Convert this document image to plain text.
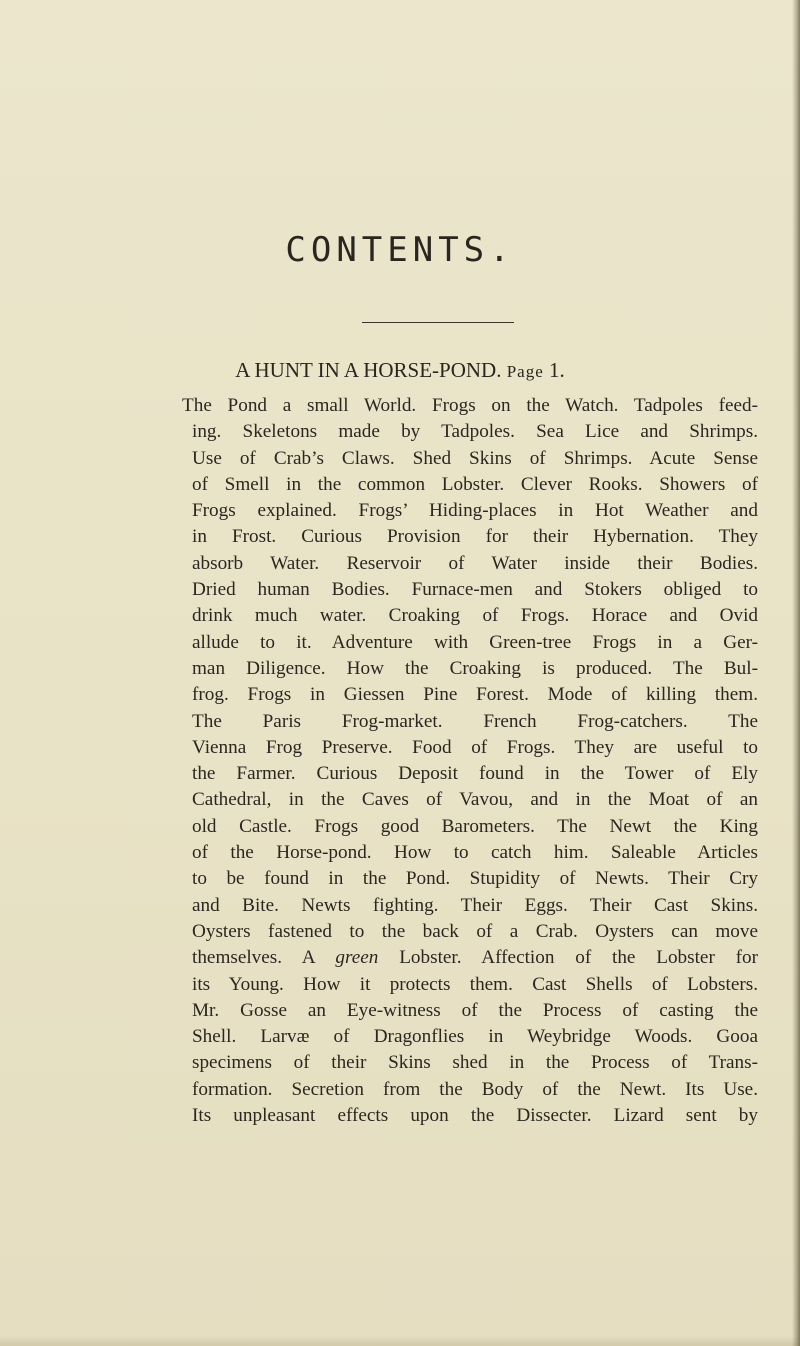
CONTENTS.
A HUNT IN A HORSE-POND. Page 1.
The Pond a small World. Frogs on the Watch. Tadpoles feed-
ing. Skeletons made by Tadpoles. Sea Lice and Shrimps.
Use of Crab’s Claws. Shed Skins of Shrimps. Acute Sense
of Smell in the common Lobster. Clever Rooks. Showers of
Frogs explained. Frogs’ Hiding-places in Hot Weather and
in Frost. Curious Provision for their Hybernation. They
absorb Water. Reservoir of Water inside their Bodies.
Dried human Bodies. Furnace-men and Stokers obliged to
drink much water. Croaking of Frogs. Horace and Ovid
allude to it. Adventure with Green-tree Frogs in a Ger-
man Diligence. How the Croaking is produced. The Bul-
frog. Frogs in Giessen Pine Forest. Mode of killing them.
The Paris Frog-market. French Frog-catchers. The
Vienna Frog Preserve. Food of Frogs. They are useful to
the Farmer. Curious Deposit found in the Tower of Ely
Cathedral, in the Caves of Vavou, and in the Moat of an
old Castle. Frogs good Barometers. The Newt the King
of the Horse-pond. How to catch him. Saleable Articles
to be found in the Pond. Stupidity of Newts. Their Cry
and Bite. Newts fighting. Their Eggs. Their Cast Skins.
Oysters fastened to the back of a Crab. Oysters can move
themselves. A green Lobster. Affection of the Lobster for
its Young. How it protects them. Cast Shells of Lobsters.
Mr. Gosse an Eye-witness of the Process of casting the
Shell. Larvæ of Dragonflies in Weybridge Woods. Gooa
specimens of their Skins shed in the Process of Trans-
formation. Secretion from the Body of the Newt. Its Use.
Its unpleasant effects upon the Dissecter. Lizard sent by
